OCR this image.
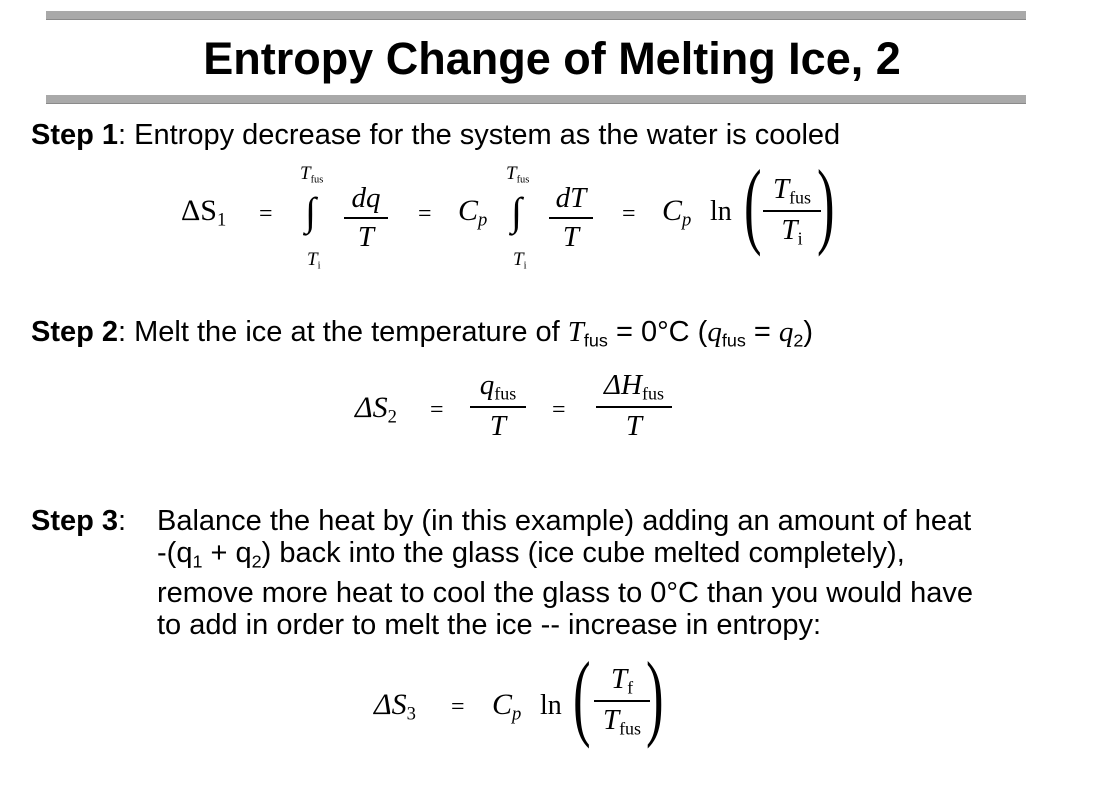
Entropy Change of Melting Ice, 2
Step 1: Entropy decrease for the system as the water is cooled
$\Delta S_1$ =
$T_{fus}$
∫
$T_i$
dq
T
= $C_p$
$T_{fus}$
∫
$T_i$
dT
T
= $C_p$ ln ( $T_{fus}$
$T_i$ )
Step 2: Melt the ice at the temperature of $T_{fus} = 0^\circ C$ $(q_{fus} = q_2)$
$\Delta S_2$ =
$q_{fus}$
T
=
$\Delta H_{fus}$
T
Step 3: Balance the heat by (in this example) adding an amount of heat
$-(q_1 + q_2)$ back into the glass (ice cube melted completely),
remove more heat to cool the glass to 0°C than you would have
to add in order to melt the ice -- increase in entropy:
$\Delta S_3 = C_p$ ln ( $T_f$
$T_{fus}$ )
